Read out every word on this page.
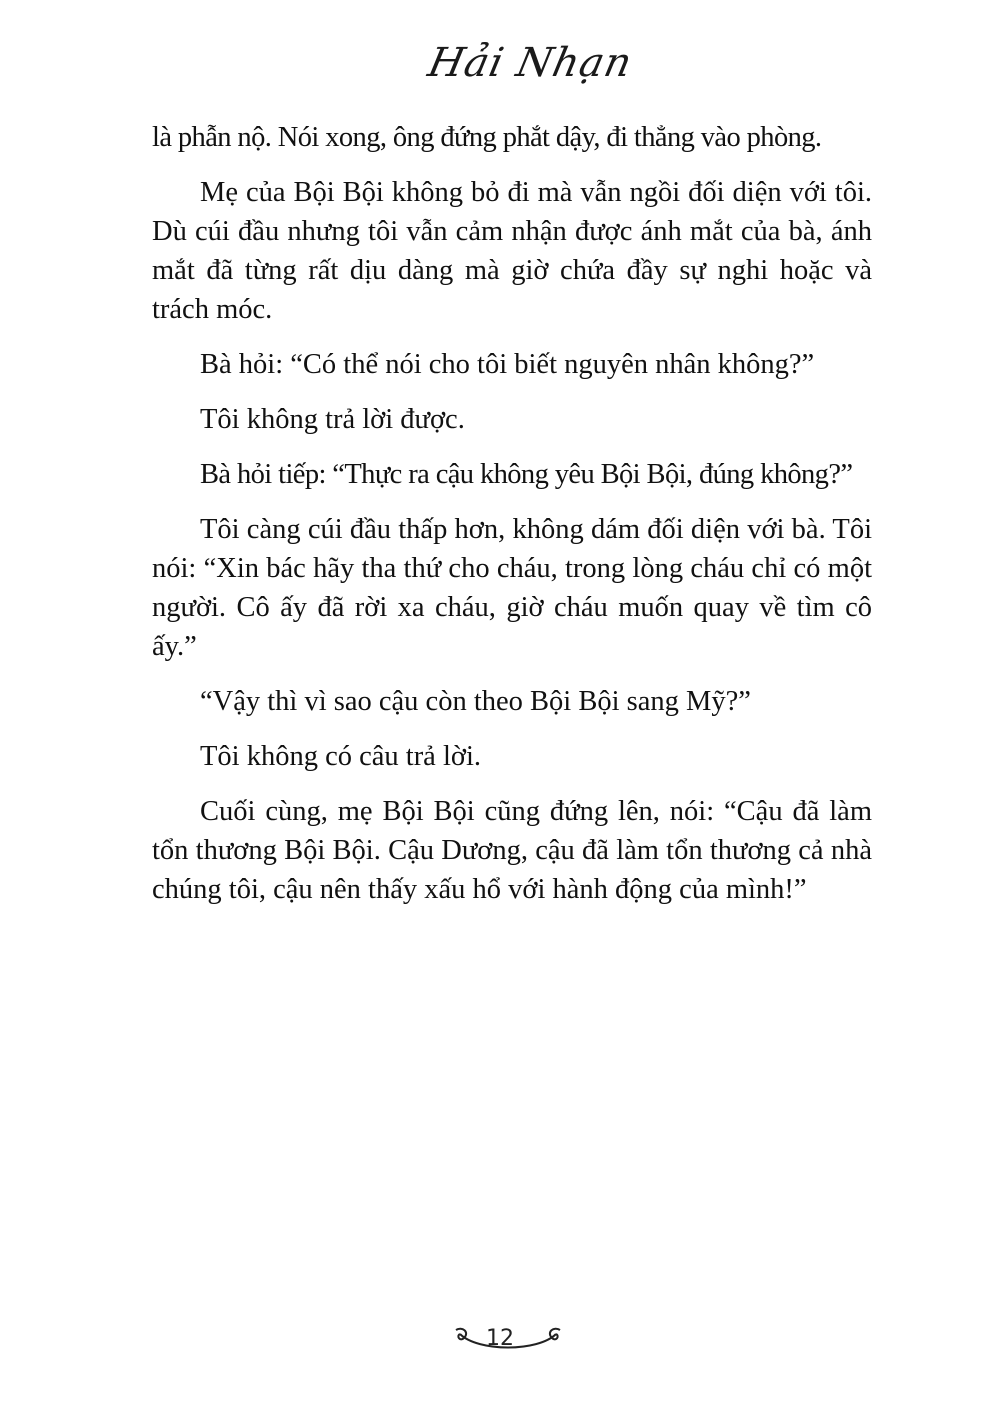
Hải Nhạn

là phẫn nộ. Nói xong, ông đứng phắt dậy, đi thẳng vào phòng.

Mẹ của Bội Bội không bỏ đi mà vẫn ngồi đối diện với tôi. Dù cúi đầu nhưng tôi vẫn cảm nhận được ánh mắt của bà, ánh mắt đã từng rất dịu dàng mà giờ chứa đầy sự nghi hoặc và trách móc.

Bà hỏi: “Có thể nói cho tôi biết nguyên nhân không?”

Tôi không trả lời được.

Bà hỏi tiếp: “Thực ra cậu không yêu Bội Bội, đúng không?”

Tôi càng cúi đầu thấp hơn, không dám đối diện với bà. Tôi nói: “Xin bác hãy tha thứ cho cháu, trong lòng cháu chỉ có một người. Cô ấy đã rời xa cháu, giờ cháu muốn quay về tìm cô ấy.”

“Vậy thì vì sao cậu còn theo Bội Bội sang Mỹ?”

Tôi không có câu trả lời.

Cuối cùng, mẹ Bội Bội cũng đứng lên, nói: “Cậu đã làm tổn thương Bội Bội. Cậu Dương, cậu đã làm tổn thương cả nhà chúng tôi, cậu nên thấy xấu hổ với hành động của mình!”

12
